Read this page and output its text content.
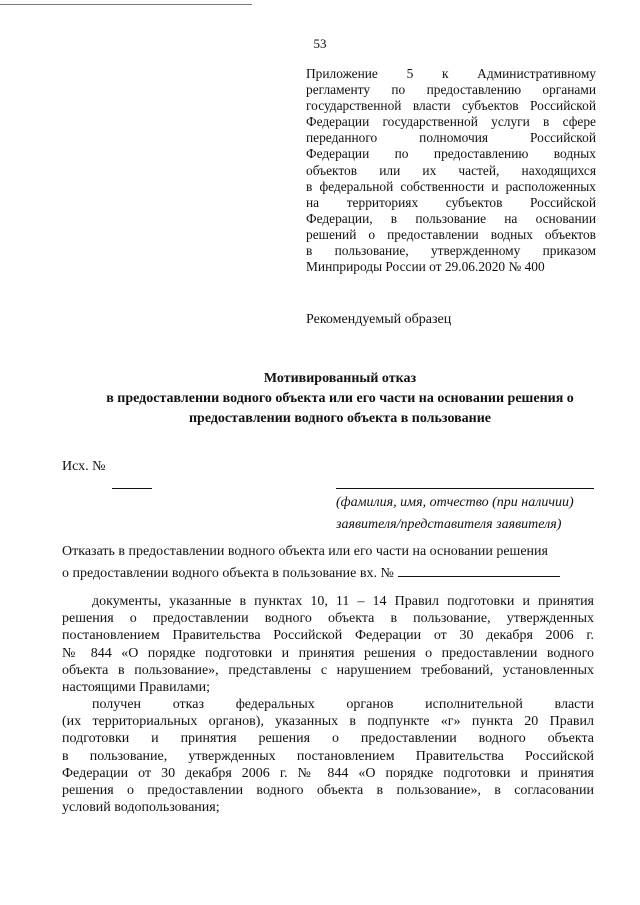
53
Приложение 5 к Административному
регламенту по предоставлению органами
государственной власти субъектов Российской
Федерации государственной услуги в сфере
переданного полномочия Российской
Федерации по предоставлению водных
объектов или их частей, находящихся
в федеральной собственности и расположенных
на территориях субъектов Российской
Федерации, в пользование на основании
решений о предоставлении водных объектов
в пользование, утвержденному приказом
Минприроды России от 29.06.2020 № 400
Рекомендуемый образец
Мотивированный отказ
в предоставлении водного объекта или его части на основании решения о
предоставлении водного объекта в пользование
Исх. №
(фамилия, имя, отчество (при наличии)
заявителя/представителя заявителя)
Отказать в предоставлении водного объекта или его части на основании решения
о предоставлении водного объекта в пользование вх. №
документы, указанные в пунктах 10, 11 – 14 Правил подготовки и принятия
решения о предоставлении водного объекта в пользование, утвержденных
постановлением Правительства Российской Федерации от 30 декабря 2006 г.
№ 844 «О порядке подготовки и принятия решения о предоставлении водного
объекта в пользование», представлены с нарушением требований, установленных
настоящими Правилами;
получен отказ федеральных органов исполнительной власти
(их территориальных органов), указанных в подпункте «г» пункта 20 Правил
подготовки и принятия решения о предоставлении водного объекта
в пользование, утвержденных постановлением Правительства Российской
Федерации от 30 декабря 2006 г. № 844 «О порядке подготовки и принятия
решения о предоставлении водного объекта в пользование», в согласовании
условий водопользования;
